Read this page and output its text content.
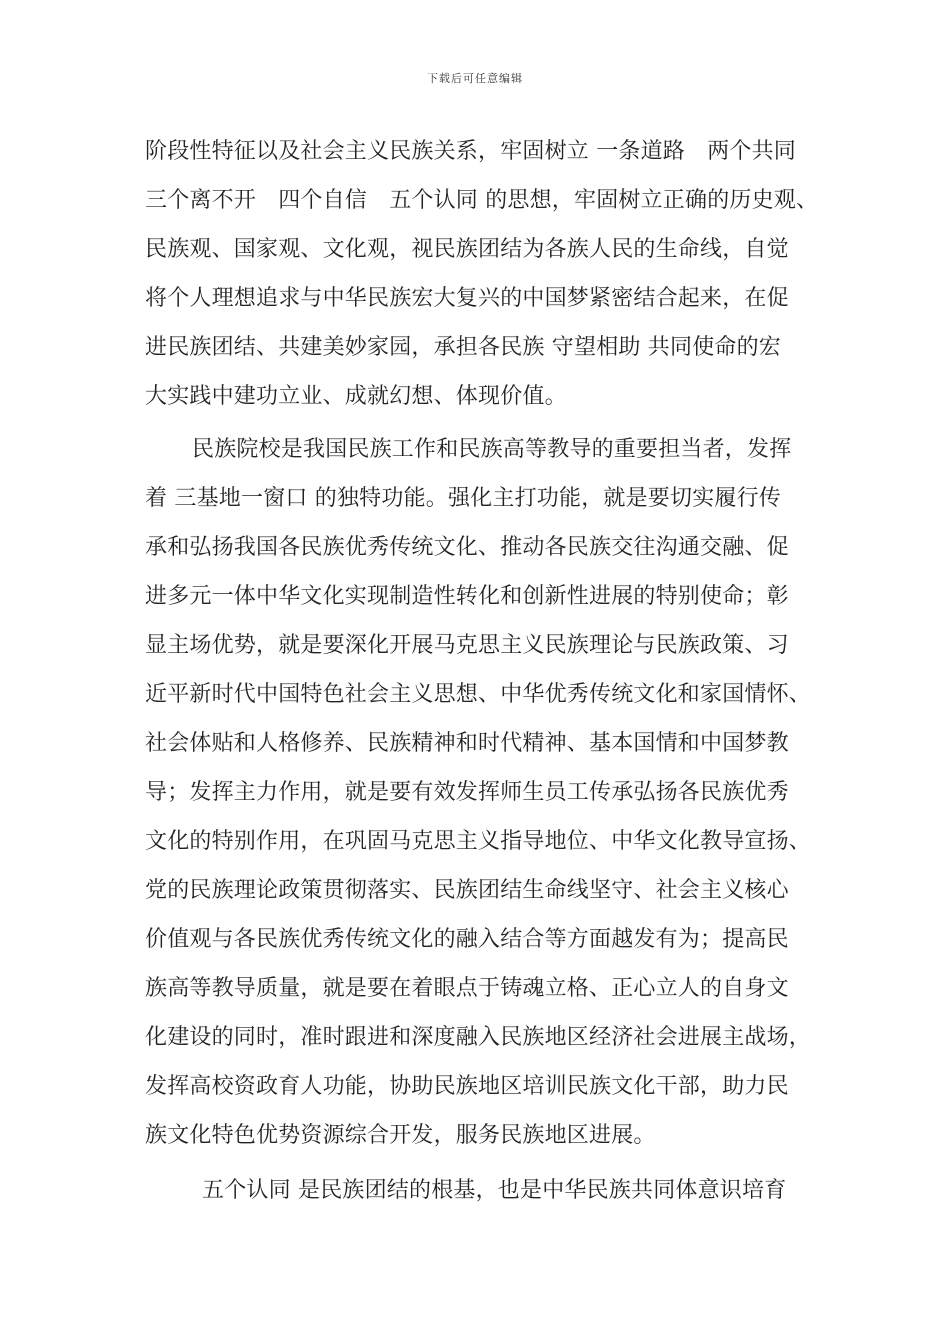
下载后可任意编辑
阶段性特征以及社会主义民族关系，牢固树立 一条道路　两个共同
三个离不开　四个自信　五个认同 的思想，牢固树立正确的历史观、
民族观、国家观、文化观，视民族团结为各族人民的生命线，自觉
将个人理想追求与中华民族宏大复兴的中国梦紧密结合起来，在促
进民族团结、共建美妙家园，承担各民族 守望相助 共同使命的宏
大实践中建功立业、成就幻想、体现价值。
民族院校是我国民族工作和民族高等教导的重要担当者，发挥
着 三基地一窗口 的独特功能。强化主打功能，就是要切实履行传
承和弘扬我国各民族优秀传统文化、推动各民族交往沟通交融、促
进多元一体中华文化实现制造性转化和创新性进展的特别使命；彰
显主场优势，就是要深化开展马克思主义民族理论与民族政策、习
近平新时代中国特色社会主义思想、中华优秀传统文化和家国情怀、
社会体贴和人格修养、民族精神和时代精神、基本国情和中国梦教
导；发挥主力作用，就是要有效发挥师生员工传承弘扬各民族优秀
文化的特别作用，在巩固马克思主义指导地位、中华文化教导宣扬、
党的民族理论政策贯彻落实、民族团结生命线坚守、社会主义核心
价值观与各民族优秀传统文化的融入结合等方面越发有为；提高民
族高等教导质量，就是要在着眼点于铸魂立格、正心立人的自身文
化建设的同时，准时跟进和深度融入民族地区经济社会进展主战场，
发挥高校资政育人功能，协助民族地区培训民族文化干部，助力民
族文化特色优势资源综合开发，服务民族地区进展。
五个认同 是民族团结的根基，也是中华民族共同体意识培育
